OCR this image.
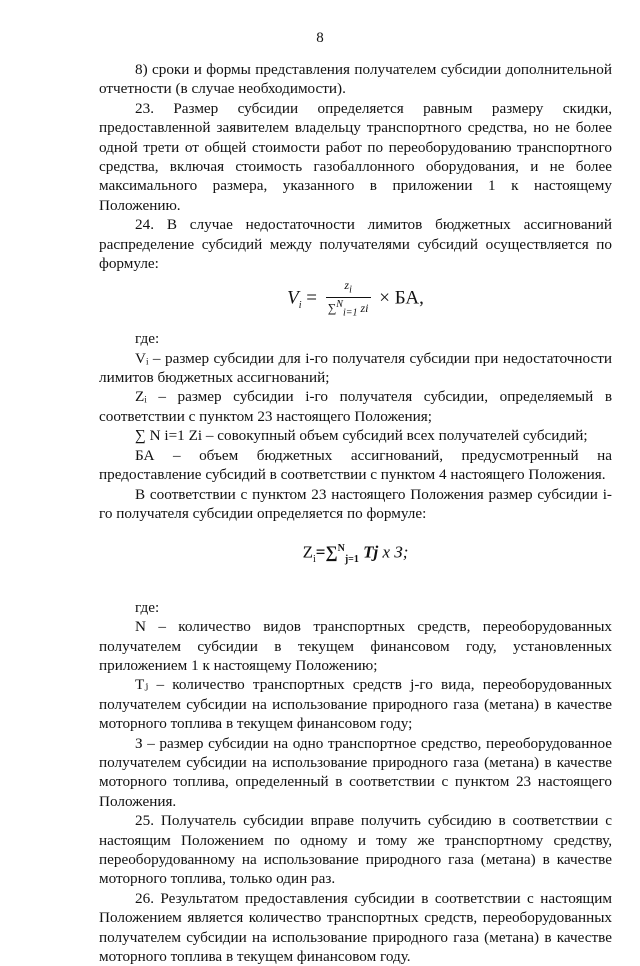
8

8) сроки и формы представления получателем субсидии дополнительной отчетности (в случае необходимости).

23. Размер субсидии определяется равным размеру скидки, предоставленной заявителем владельцу транспортного средства, но не более одной трети от общей стоимости работ по переоборудованию транспортного средства, включая стоимость газобаллонного оборудования, и не более максимального размера, указанного в приложении 1 к настоящему Положению.

24. В случае недостаточности лимитов бюджетных ассигнований распределение субсидий между получателями субсидий осуществляется по формуле:

$V_i = \frac{z_i}{\sum^N_{i=1} zi}$ × БА,

где:

Vᵢ – размер субсидии для i-го получателя субсидии при недостаточности лимитов бюджетных ассигнований;

Zᵢ – размер субсидии i-го получателя субсидии, определяемый в соответствии с пунктом 23 настоящего Положения;

∑ N i=1 Zi – совокупный объем субсидий всех получателей субсидий;

БА – объем бюджетных ассигнований, предусмотренный на предоставление субсидий в соответствии с пунктом 4 настоящего Положения.

В соответствии с пунктом 23 настоящего Положения размер субсидии i-го получателя субсидии определяется по формуле:

$Z_i=\sum^N_{j=1}$ Tj х З;

где:

N – количество видов транспортных средств, переоборудованных получателем субсидии в текущем финансовом году, установленных приложением 1 к настоящему Положению;

Tⱼ – количество транспортных средств j-го вида, переоборудованных получателем субсидии на использование природного газа (метана) в качестве моторного топлива в текущем финансовом году;

З – размер субсидии на одно транспортное средство, переоборудованное получателем субсидии на использование природного газа (метана) в качестве моторного топлива, определенный в соответствии с пунктом 23 настоящего Положения.

25. Получатель субсидии вправе получить субсидию в соответствии с настоящим Положением по одному и тому же транспортному средству, переоборудованному на использование природного газа (метана) в качестве моторного топлива, только один раз.

26. Результатом предоставления субсидии в соответствии с настоящим Положением является количество транспортных средств, переоборудованных получателем субсидии на использование природного газа (метана) в качестве моторного топлива в текущем финансовом году.
